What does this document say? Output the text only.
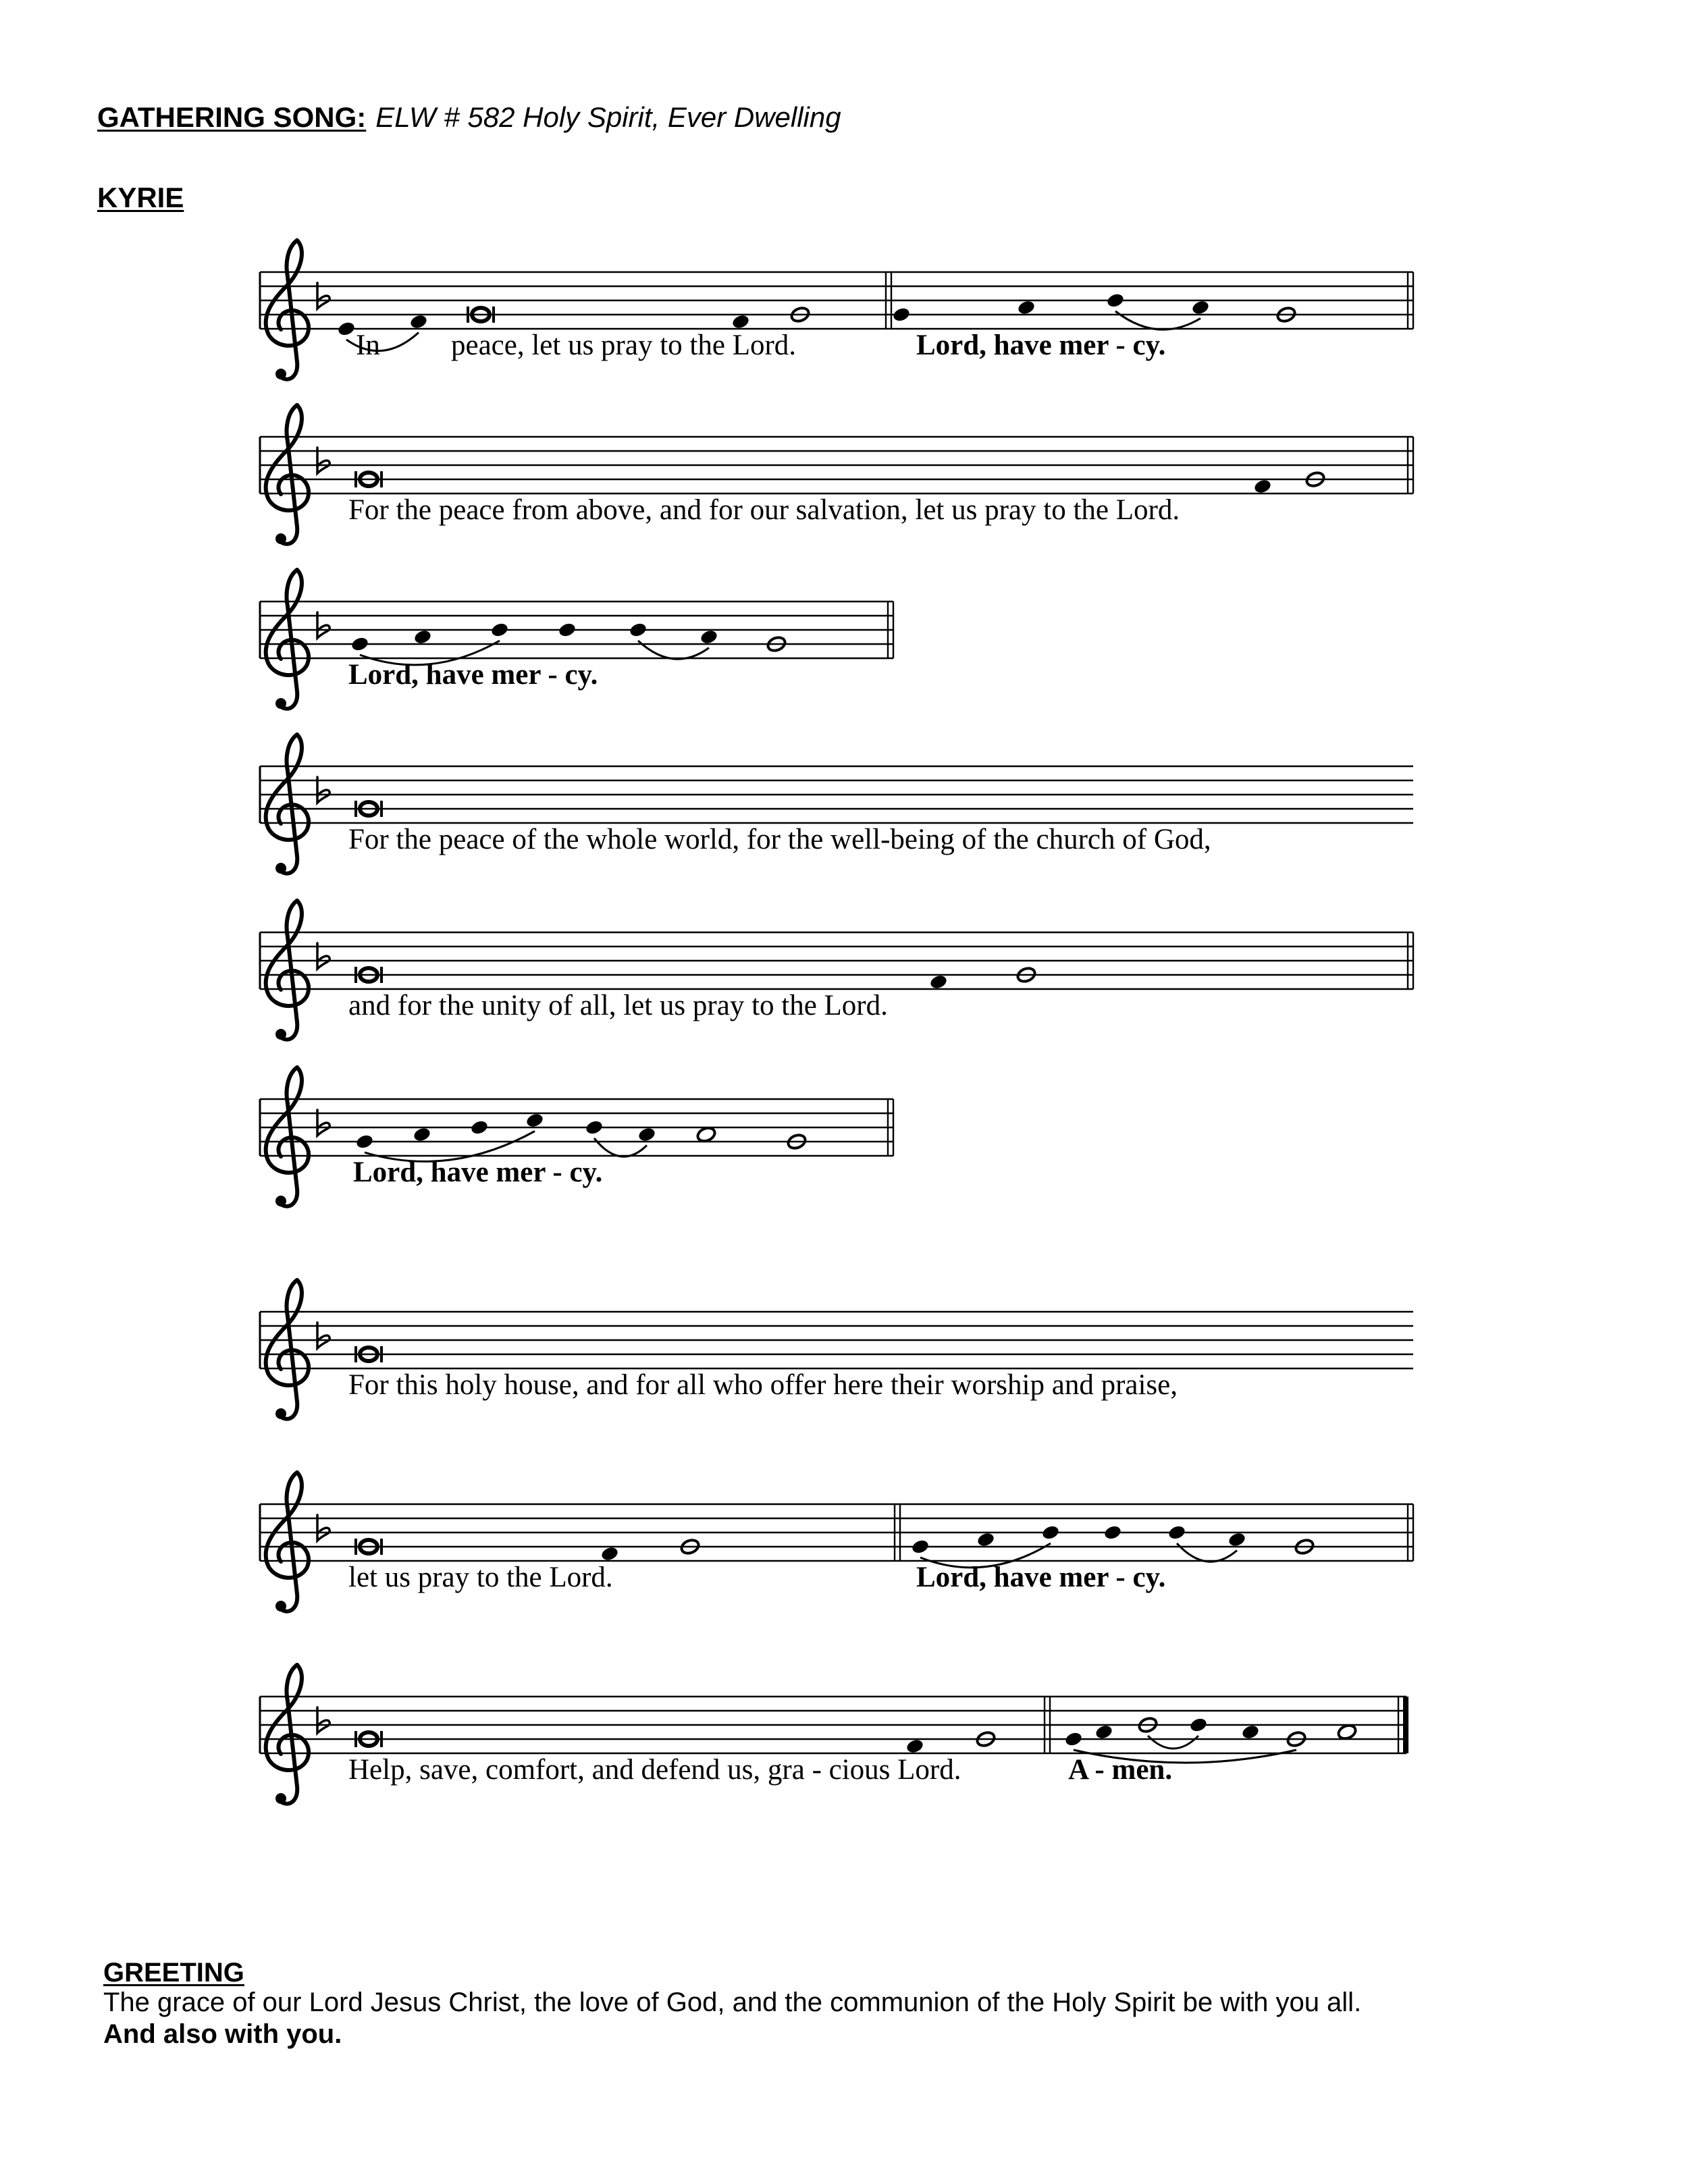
GATHERING SONG: ELW # 582 Holy Spirit, Ever Dwelling
KYRIE
In peace, let us pray to the Lord.	Lord, have mer - cy.
For the peace from above, and for our salvation, let us pray to the Lord.
Lord, have mer - cy.
For the peace of the whole world, for the well-being of the church of God,
and for the unity of all, let us pray to the Lord.
Lord, have mer - cy.
For this holy house, and for all who offer here their worship and praise,
let us pray to the Lord.	Lord, have mer - cy.
Help, save, comfort, and defend us, gra - cious Lord.	A - men.
GREETING
The grace of our Lord Jesus Christ, the love of God, and the communion of the Holy Spirit be with you all.
And also with you.
